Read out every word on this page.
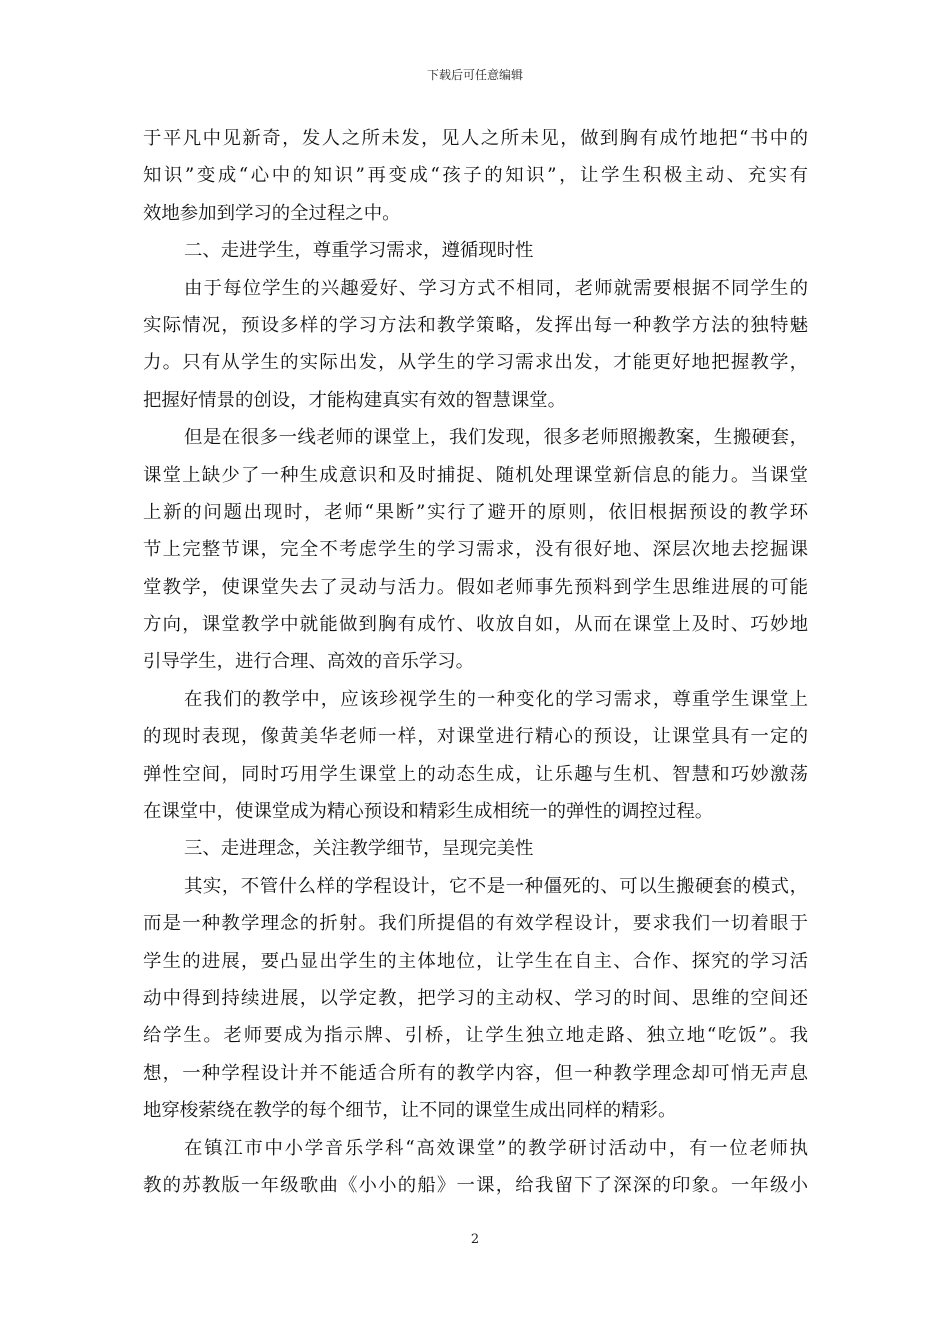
下载后可任意编辑
于平凡中见新奇，发人之所未发，见人之所未见，做到胸有成竹地把“书中的
知识”变成“心中的知识”再变成“孩子的知识”，让学生积极主动、充实有
效地参加到学习的全过程之中。
二、走进学生，尊重学习需求，遵循现时性
由于每位学生的兴趣爱好、学习方式不相同，老师就需要根据不同学生的
实际情况，预设多样的学习方法和教学策略，发挥出每一种教学方法的独特魅
力。只有从学生的实际出发，从学生的学习需求出发，才能更好地把握教学，
把握好情景的创设，才能构建真实有效的智慧课堂。
但是在很多一线老师的课堂上，我们发现，很多老师照搬教案，生搬硬套，
课堂上缺少了一种生成意识和及时捕捉、随机处理课堂新信息的能力。当课堂
上新的问题出现时，老师“果断”实行了避开的原则，依旧根据预设的教学环
节上完整节课，完全不考虑学生的学习需求，没有很好地、深层次地去挖掘课
堂教学，使课堂失去了灵动与活力。假如老师事先预料到学生思维进展的可能
方向，课堂教学中就能做到胸有成竹、收放自如，从而在课堂上及时、巧妙地
引导学生，进行合理、高效的音乐学习。
在我们的教学中，应该珍视学生的一种变化的学习需求，尊重学生课堂上
的现时表现，像黄美华老师一样，对课堂进行精心的预设，让课堂具有一定的
弹性空间，同时巧用学生课堂上的动态生成，让乐趣与生机、智慧和巧妙激荡
在课堂中，使课堂成为精心预设和精彩生成相统一的弹性的调控过程。
三、走进理念，关注教学细节，呈现完美性
其实，不管什么样的学程设计，它不是一种僵死的、可以生搬硬套的模式，
而是一种教学理念的折射。我们所提倡的有效学程设计，要求我们一切着眼于
学生的进展，要凸显出学生的主体地位，让学生在自主、合作、探究的学习活
动中得到持续进展，以学定教，把学习的主动权、学习的时间、思维的空间还
给学生。老师要成为指示牌、引桥，让学生独立地走路、独立地“吃饭”。我
想，一种学程设计并不能适合所有的教学内容，但一种教学理念却可悄无声息
地穿梭萦绕在教学的每个细节，让不同的课堂生成出同样的精彩。
在镇江市中小学音乐学科“高效课堂”的教学研讨活动中，有一位老师执
教的苏教版一年级歌曲《小小的船》一课，给我留下了深深的印象。一年级小
2
